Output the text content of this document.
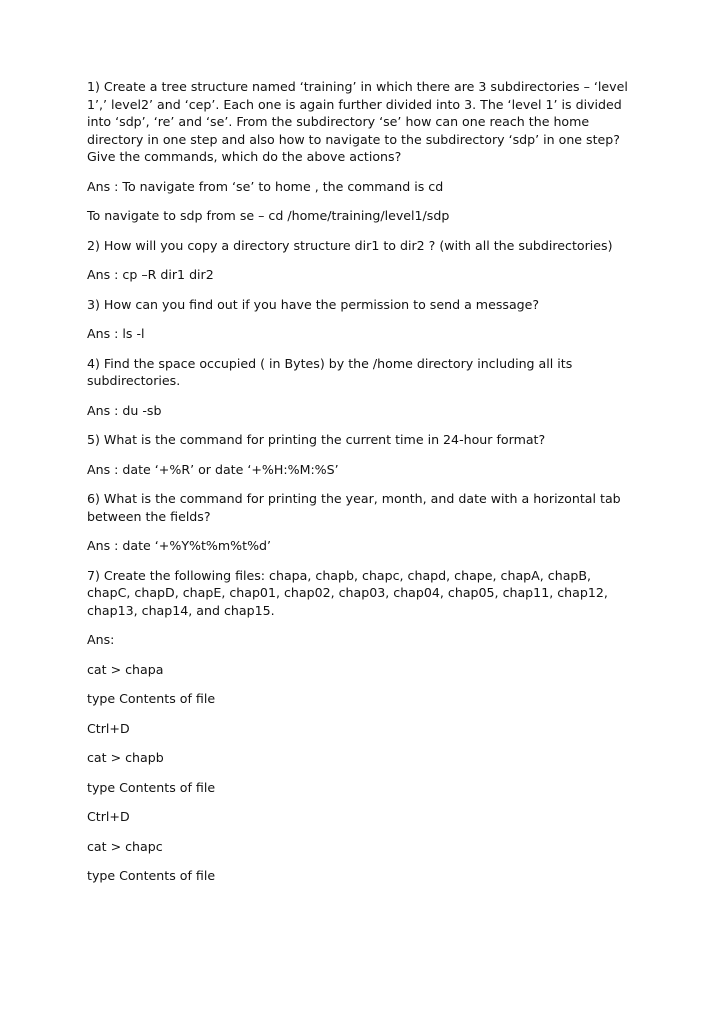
1) Create a tree structure named ‘training’ in which there are 3 subdirectories – ‘level 1’,’ level2’ and ‘cep’. Each one is again further divided into 3. The ‘level 1’ is divided into ‘sdp’, ‘re’ and ‘se’. From the subdirectory ‘se’ how can one reach the home directory in one step and also how to navigate to the subdirectory ‘sdp’ in one step? Give the commands, which do the above actions?

Ans : To navigate from ‘se’ to home , the command is cd

To navigate to sdp from se – cd /home/training/level1/sdp

2) How will you copy a directory structure dir1 to dir2 ? (with all the subdirectories)

Ans : cp –R dir1 dir2

3) How can you find out if you have the permission to send a message?

Ans : ls -l

4) Find the space occupied ( in Bytes) by the /home directory including all its subdirectories.

Ans : du -sb

5) What is the command for printing the current time in 24-hour format?

Ans : date ‘+%R’ or date ‘+%H:%M:%S’

6) What is the command for printing the year, month, and date with a horizontal tab between the fields?

Ans : date ‘+%Y%t%m%t%d’

7) Create the following files: chapa, chapb, chapc, chapd, chape, chapA, chapB, chapC, chapD, chapE, chap01, chap02, chap03, chap04, chap05, chap11, chap12, chap13, chap14, and chap15.

Ans:

cat > chapa

type Contents of file

Ctrl+D

cat > chapb

type Contents of file

Ctrl+D

cat > chapc

type Contents of file
